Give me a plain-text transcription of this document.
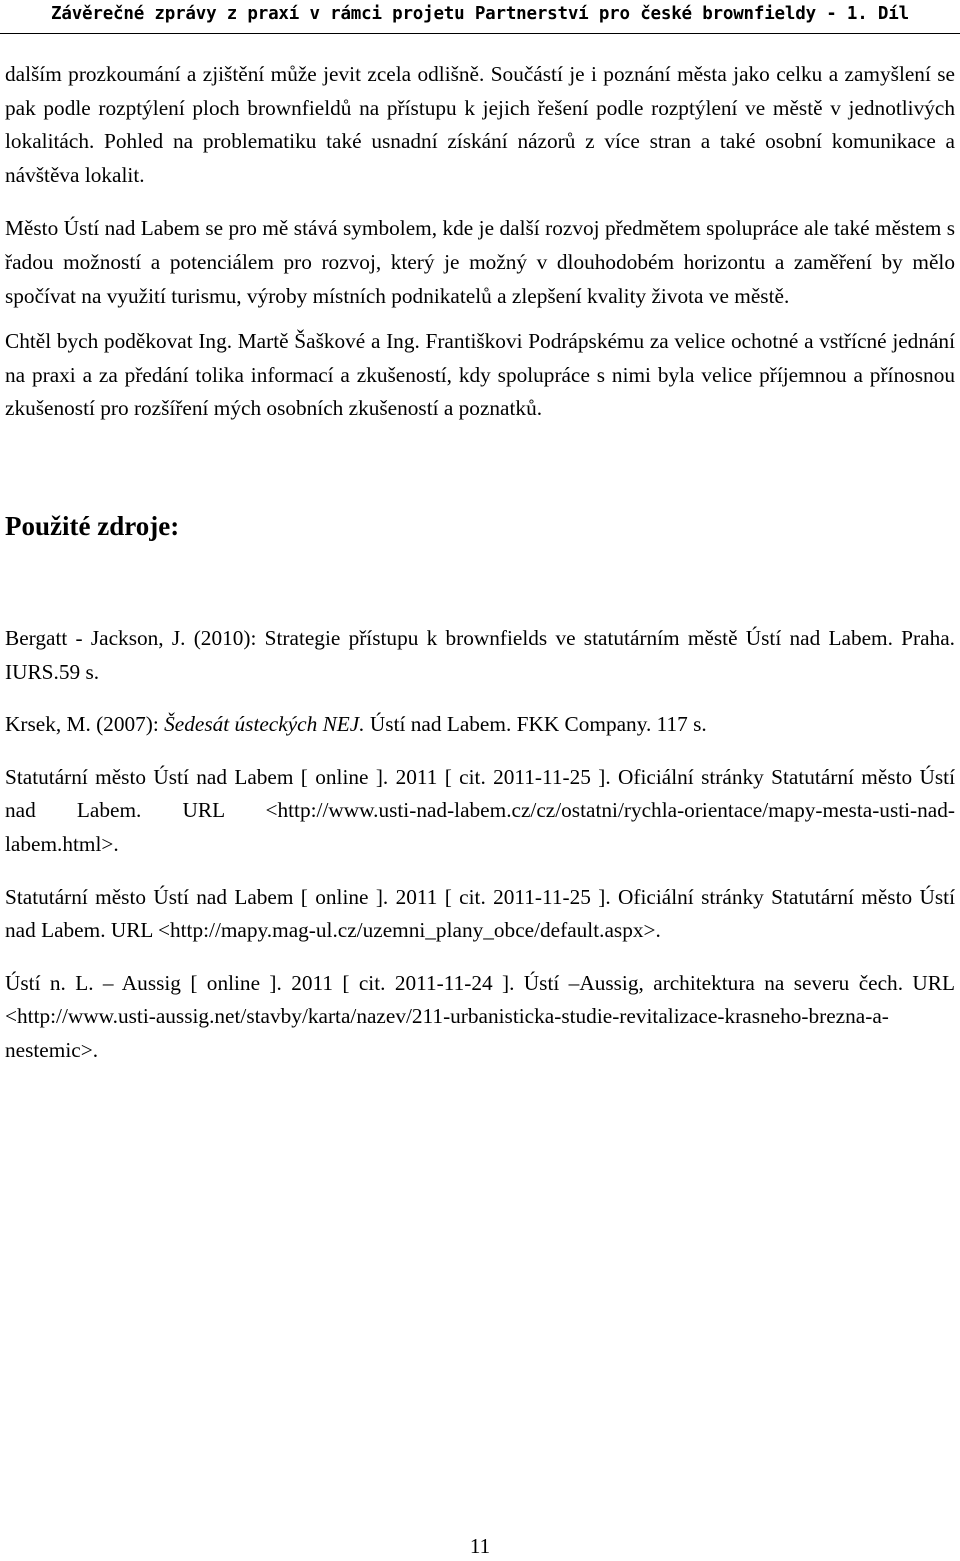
Závěrečné zprávy z praxí v rámci projetu Partnerství pro české brownfieldy - 1. Díl

dalším prozkoumání a zjištění může jevit zcela odlišně. Součástí je i poznání města jako celku a zamyšlení se pak podle rozptýlení ploch brownfieldů na přístupu k jejich řešení podle rozptýlení ve městě v jednotlivých lokalitách. Pohled na problematiku také usnadní získání názorů z více stran a také osobní komunikace a návštěva lokalit.

Město Ústí nad Labem se pro mě stává symbolem, kde je další rozvoj předmětem spolupráce ale také městem s řadou možností a potenciálem pro rozvoj, který je možný v dlouhodobém horizontu a zaměření by mělo spočívat na využití turismu, výroby místních podnikatelů a zlepšení kvality života ve městě.

Chtěl bych poděkovat Ing. Martě Šaškové a Ing. Františkovi Podrápskému za velice ochotné a vstřícné jednání na praxi a za předání tolika informací a zkušeností, kdy spolupráce s nimi byla velice příjemnou a přínosnou zkušeností pro rozšíření mých osobních zkušeností a poznatků.

Použité zdroje:

Bergatt - Jackson, J. (2010): Strategie přístupu k brownfields ve statutárním městě Ústí nad Labem. Praha. IURS.59 s.

Krsek, M. (2007): Šedesát ústeckých NEJ. Ústí nad Labem. FKK Company. 117 s.

Statutární město Ústí nad Labem [ online ]. 2011 [ cit. 2011-11-25 ]. Oficiální stránky Statutární město Ústí nad Labem. URL <http://www.usti-nad-labem.cz/cz/ostatni/rychla-orientace/mapy-mesta-usti-nad-labem.html>.

Statutární město Ústí nad Labem [ online ]. 2011 [ cit. 2011-11-25 ]. Oficiální stránky Statutární město Ústí nad Labem. URL <http://mapy.mag-ul.cz/uzemni_plany_obce/default.aspx>.

Ústí n. L. – Aussig [ online ]. 2011 [ cit. 2011-11-24 ]. Ústí –Aussig, architektura na severu čech. URL <http://www.usti-aussig.net/stavby/karta/nazev/211-urbanisticka-studie-revitalizace-krasneho-brezna-a-nestemic>.

11
